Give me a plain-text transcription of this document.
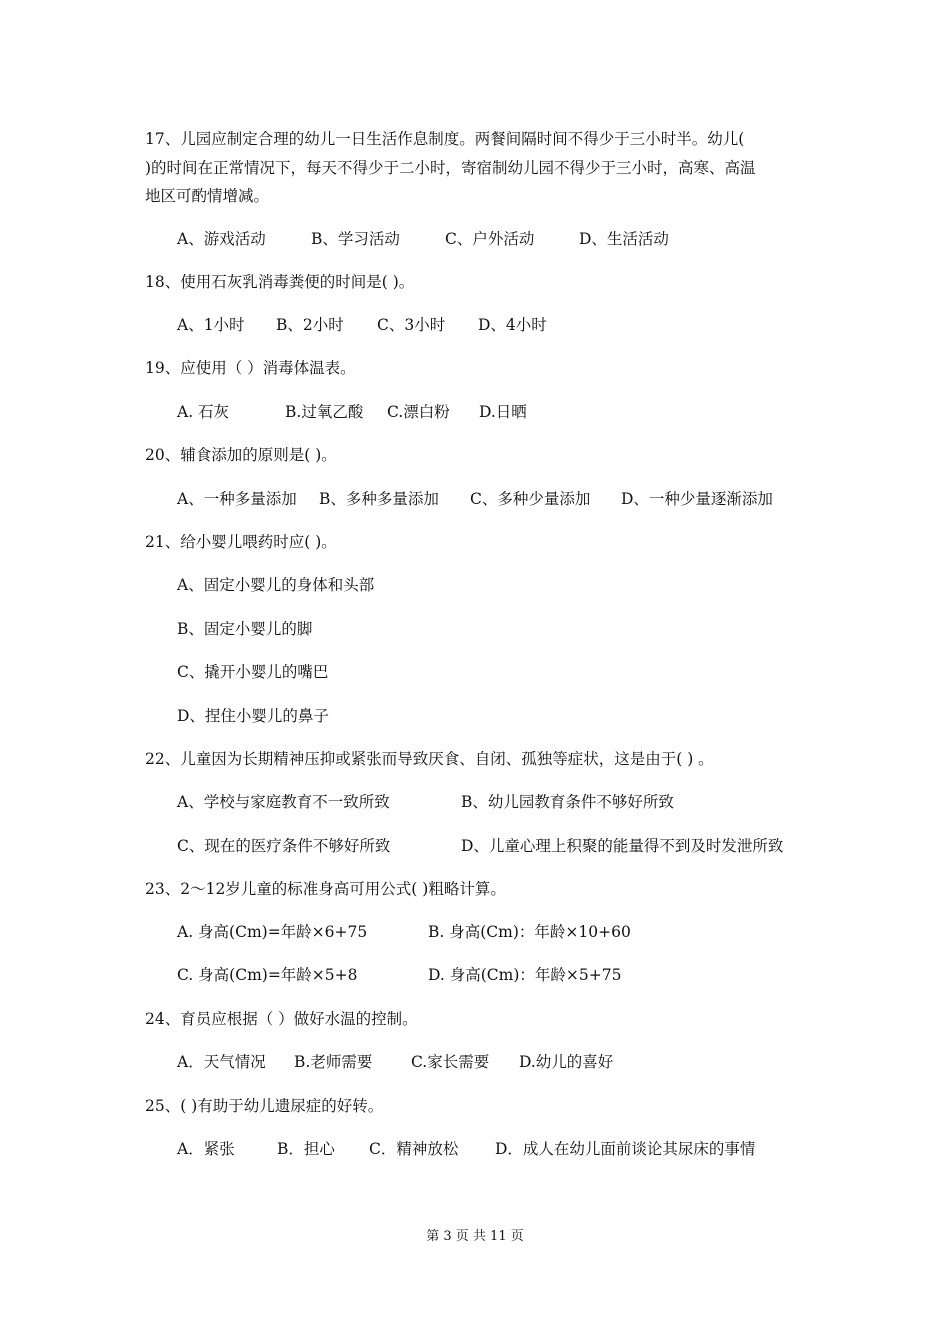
17、儿园应制定合理的幼儿一日生活作息制度。两餐间隔时间不得少于三小时半。幼儿(
)的时间在正常情况下，每天不得少于二小时，寄宿制幼儿园不得少于三小时，高寒、高温
地区可酌情增减。
A、游戏活动	B、学习活动	C、户外活动	D、生活活动
18、使用石灰乳消毒粪便的时间是( )。
A、1小时 B、2小时 C、3小时 D、4小时
19、应使用（ ）消毒体温表。
A. 石灰	B.过氧乙酸 C.漂白粉 D.日晒
20、辅食添加的原则是( )。
A、一种多量添加 B、多种多量添加 C、多种少量添加 D、一种少量逐渐添加
21、给小婴儿喂药时应( )。
A、固定小婴儿的身体和头部
B、固定小婴儿的脚
C、撬开小婴儿的嘴巴
D、捏住小婴儿的鼻子
22、儿童因为长期精神压抑或紧张而导致厌食、自闭、孤独等症状，这是由于( ) 。
A、学校与家庭教育不一致所致	B、幼儿园教育条件不够好所致
C、现在的医疗条件不够好所致	D、儿童心理上积聚的能量得不到及时发泄所致
23、2～12岁儿童的标准身高可用公式( )粗略计算。
A. 身高(Cm)=年龄×6+75	B. 身高(Cm)：年龄×10+60
C. 身高(Cm)=年龄×5+8	D. 身高(Cm)：年龄×5+75
24、育员应根据（ ）做好水温的控制。
A．天气情况 B.老师需要 C.家长需要 D.幼儿的喜好
25、( )有助于幼儿遗尿症的好转。
A．紧张	B．担心 C．精神放松 D．成人在幼儿面前谈论其尿床的事情
第 3 页 共 11 页
